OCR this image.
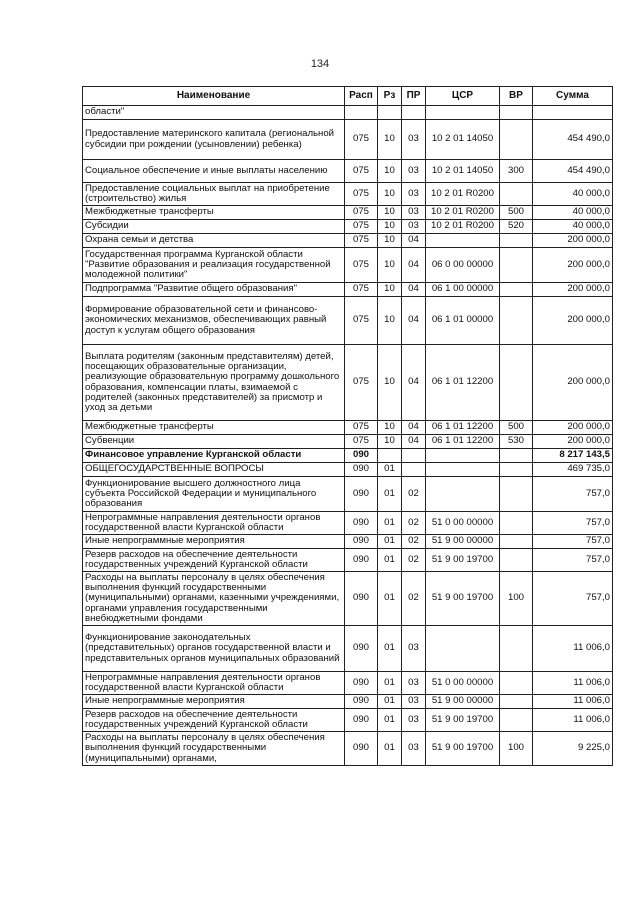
134
Наименование	Расп	Рз	ПР	ЦСР	ВР	Сумма
области"						
Предоставление материнского капитала (региональной субсидии при рождении (усыновлении) ребенка)	075	10	03	10 2 01 14050		454 490,0
Социальное обеспечение и иные выплаты населению	075	10	03	10 2 01 14050	300	454 490,0
Предоставление социальных выплат на приобретение (строительство) жилья	075	10	03	10 2 01 R0200		40 000,0
Межбюджетные трансферты	075	10	03	10 2 01 R0200	500	40 000,0
Субсидии	075	10	03	10 2 01 R0200	520	40 000,0
Охрана семьи и детства	075	10	04			200 000,0
Государственная программа Курганской области "Развитие образования и реализация государственной молодежной политики"	075	10	04	06 0 00 00000		200 000,0
Подпрограмма "Развитие общего образования"	075	10	04	06 1 00 00000		200 000,0
Формирование образовательной сети и финансово-экономических механизмов, обеспечивающих равный доступ к услугам общего образования	075	10	04	06 1 01 00000		200 000,0
Выплата родителям (законным представителям) детей, посещающих образовательные организации, реализующие образовательную программу дошкольного образования, компенсации платы, взимаемой с родителей (законных представителей) за присмотр и уход за детьми	075	10	04	06 1 01 12200		200 000,0
Межбюджетные трансферты	075	10	04	06 1 01 12200	500	200 000,0
Субвенции	075	10	04	06 1 01 12200	530	200 000,0
Финансовое управление Курганской области	090					8 217 143,5
ОБЩЕГОСУДАРСТВЕННЫЕ ВОПРОСЫ	090	01				469 735,0
Функционирование высшего должностного лица субъекта Российской Федерации и муниципального образования	090	01	02			757,0
Непрограммные направления деятельности органов государственной власти Курганской области	090	01	02	51 0 00 00000		757,0
Иные непрограммные мероприятия	090	01	02	51 9 00 00000		757,0
Резерв расходов на обеспечение деятельности государственных учреждений Курганской области	090	01	02	51 9 00 19700		757,0
Расходы на выплаты персоналу в целях обеспечения выполнения функций государственными (муниципальными) органами, казенными учреждениями, органами управления государственными внебюджетными фондами	090	01	02	51 9 00 19700	100	757,0
Функционирование законодательных (представительных) органов государственной власти и представительных органов муниципальных образований	090	01	03			11 006,0
Непрограммные направления деятельности органов государственной власти Курганской области	090	01	03	51 0 00 00000		11 006,0
Иные непрограммные мероприятия	090	01	03	51 9 00 00000		11 006,0
Резерв расходов на обеспечение деятельности государственных учреждений Курганской области	090	01	03	51 9 00 19700		11 006,0
Расходы на выплаты персоналу в целях обеспечения выполнения функций государственными (муниципальными) органами,	090	01	03	51 9 00 19700	100	9 225,0
